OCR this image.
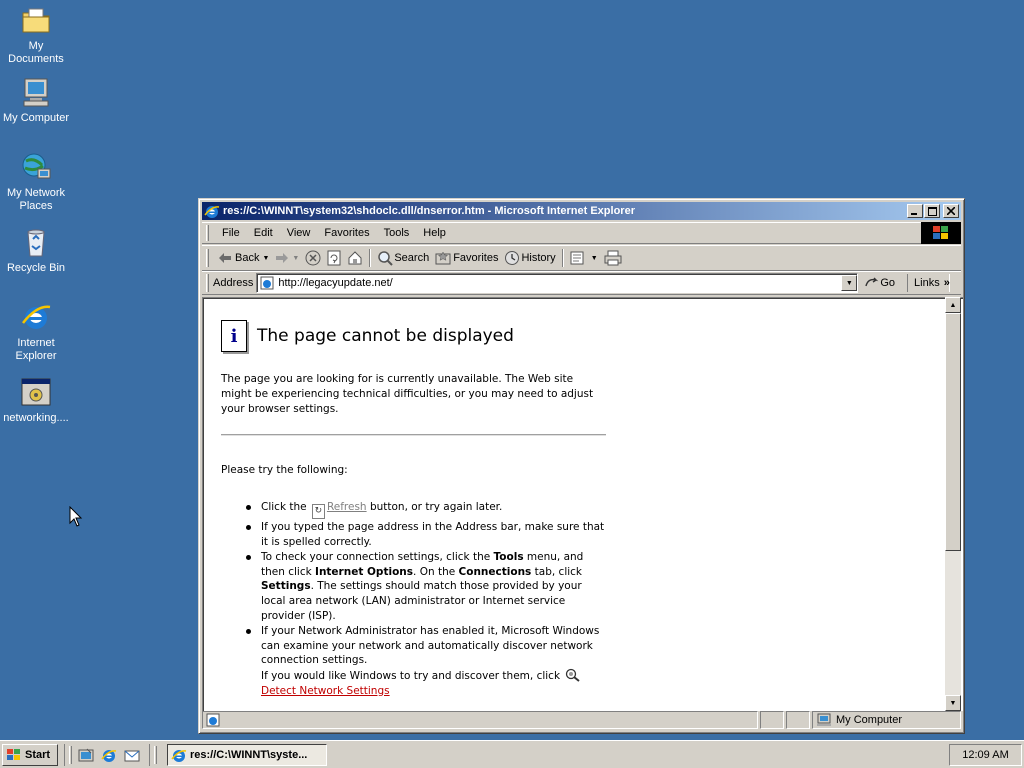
My Documents
My Computer
My Network Places
Recycle Bin
Internet Explorer
networking....
res://C:\WINNT\system32\shdoclc.dll/dnserror.htm - Microsoft Internet Explorer
File	Edit	View	Favorites	Tools	Help
Back ▼	▼	Search Favorites History	▼
Address http://legacyupdate.net/	▼	Go Links »
i	The page cannot be displayed
The page you are looking for is currently unavailable. The Web site might be experiencing technical difficulties, or you may need to adjust your browser settings.
Please try the following:
Click the ↻ Refresh button, or try again later.
If you typed the page address in the Address bar, make sure that it is spelled correctly.
To check your connection settings, click the Tools menu, and then click Internet Options. On the Connections tab, click Settings. The settings should match those provided by your local area network (LAN) administrator or Internet service provider (ISP).
If your Network Administrator has enabled it, Microsoft Windows can examine your network and automatically discover network connection settings.
If you would like Windows to try and discover them, click Detect Network Settings
▲
▼
My Computer
Start	res://C:\WINNT\syste...	12:09 AM
